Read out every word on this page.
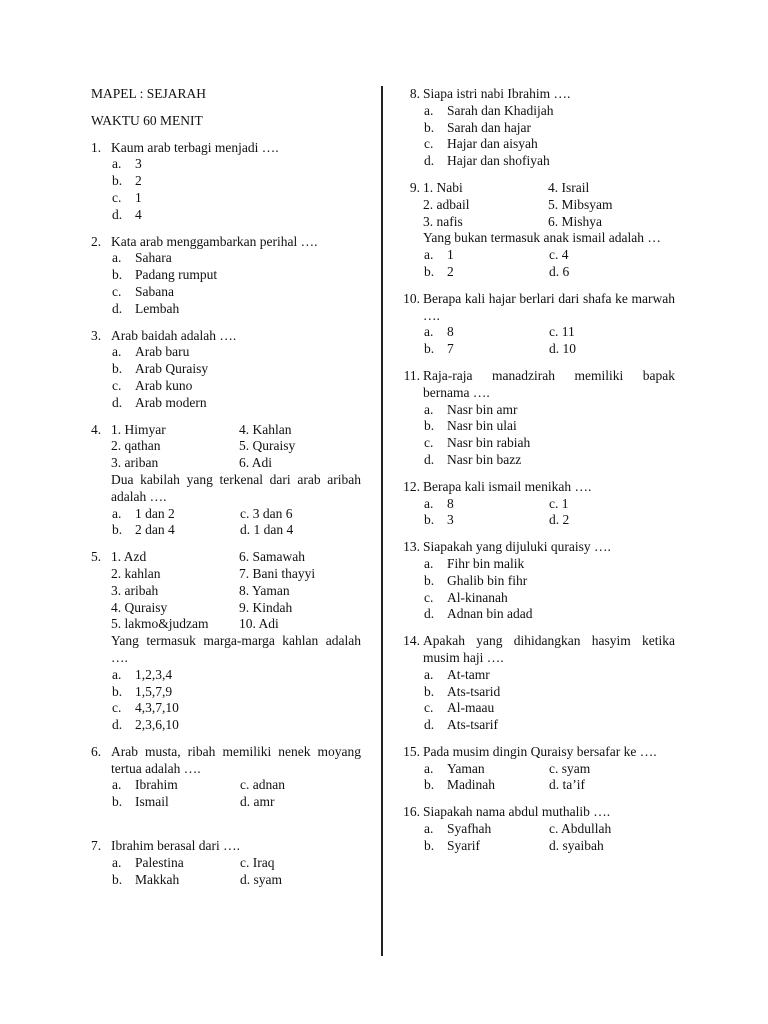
MAPEL : SEJARAH
WAKTU 60 MENIT
1. Kaum arab terbagi menjadi ….
a.	3
b. 2
c.	1
d. 4
2. Kata arab menggambarkan perihal ….
a.	Sahara
b. Padang rumput
c.	Sabana
d. Lembah
3. Arab baidah adalah ….
a.	Arab baru
b. Arab Quraisy
c.	Arab kuno
d. Arab modern
4. 1. Himyar	4. Kahlan
2. qathan	5. Quraisy
3. ariban	6. Adi
Dua kabilah yang terkenal dari arab aribah adalah ….
a.	1 dan 2	c. 3 dan 6
b. 2 dan 4	d. 1 dan 4
5. 1. Azd	6. Samawah
2. kahlan	7. Bani thayyi
3. aribah	8. Yaman
4. Quraisy	9. Kindah
5. lakmo&judzam	10. Adi
Yang termasuk marga-marga kahlan adalah ….
a.	1,2,3,4
b. 1,5,7,9
c.	4,3,7,10
d. 2,3,6,10
6. Arab musta, ribah memiliki nenek moyang tertua adalah ….
a.	Ibrahim	c. adnan
b. Ismail	d. amr
7. Ibrahim berasal dari ….
a.	Palestina	c. Iraq
b. Makkah	d. syam
8. Siapa istri nabi Ibrahim ….
a.	Sarah dan Khadijah
b. Sarah dan hajar
c.	Hajar dan aisyah
d. Hajar dan shofiyah
9. 1. Nabi	4. Israil
2. adbail	5. Mibsyam
3. nafis	6. Mishya
Yang bukan termasuk anak ismail adalah …
a.	1	c. 4
b. 2	d. 6
10. Berapa kali hajar berlari dari shafa ke marwah ….
a.	8	c. 11
b. 7	d. 10
11. Raja-raja manadzirah memiliki bapak bernama ….
a.	Nasr bin amr
b. Nasr bin ulai
c.	Nasr bin rabiah
d. Nasr bin bazz
12. Berapa kali ismail menikah ….
a.	8	c. 1
b. 3	d. 2
13. Siapakah yang dijuluki quraisy ….
a.	Fihr bin malik
b. Ghalib bin fihr
c.	Al-kinanah
d. Adnan bin adad
14. Apakah yang dihidangkan hasyim ketika musim haji ….
a.	At-tamr
b. Ats-tsarid
c.	Al-maau
d. Ats-tsarif
15. Pada musim dingin Quraisy bersafar ke ….
a.	Yaman	c. syam
b. Madinah	d. ta’if
16. Siapakah nama abdul muthalib ….
a.	Syafhah	c. Abdullah
b. Syarif	d. syaibah
